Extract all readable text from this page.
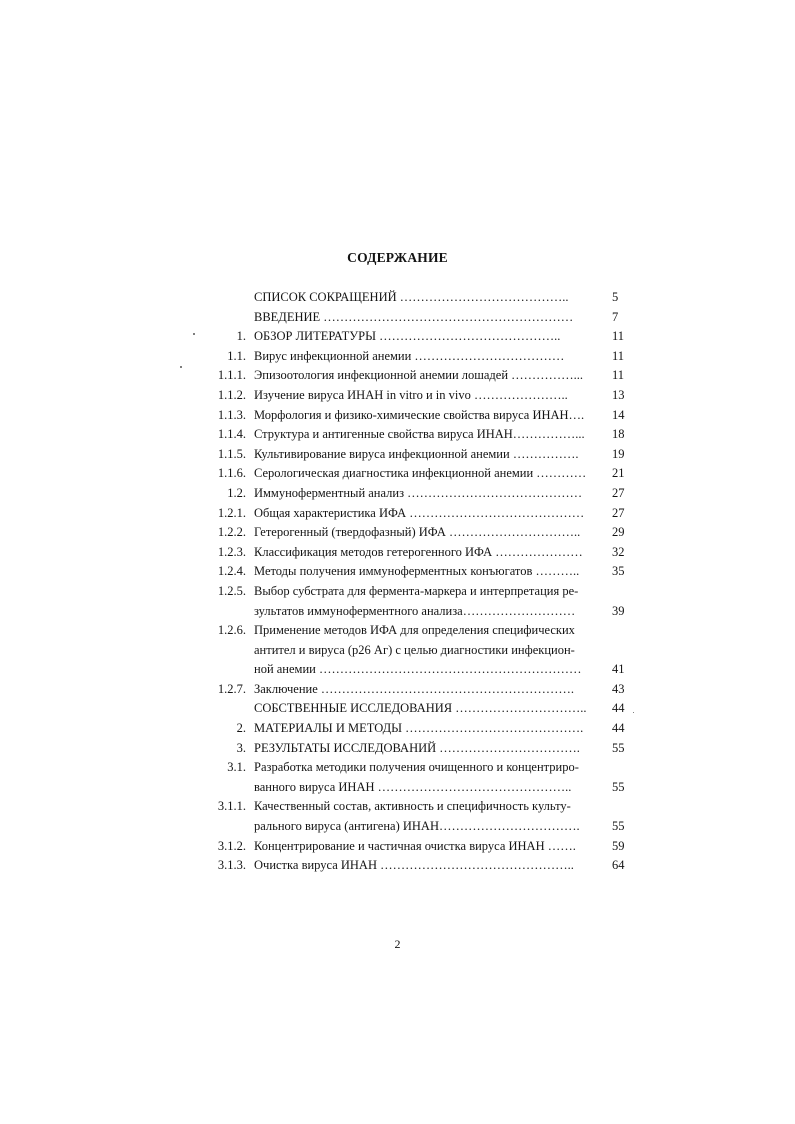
СОДЕРЖАНИЕ
СПИСОК СОКРАЩЕНИЙ …………………………………..	5
ВВЕДЕНИЕ ……………………………………………………	7
1. ОБЗОР ЛИТЕРАТУРЫ ……………………………………..	11
1.1. Вирус инфекционной анемии ………………………………	11
1.1.1. Эпизоотология инфекционной анемии лошадей ……………...	11
1.1.2. Изучение вируса ИНАН in vitro и in vivo …………………..	13
1.1.3. Морфология и физико-химические свойства вируса ИНАН….	14
1.1.4. Структура и антигенные свойства вируса ИНАН……………...	18
1.1.5. Культивирование вируса инфекционной анемии …………….	19
1.1.6. Серологическая диагностика инфекционной анемии …………	21
1.2. Иммуноферментный анализ ……………………………………	27
1.2.1. Общая характеристика ИФА ……………………………………	27
1.2.2. Гетерогенный (твердофазный) ИФА …………………………..	29
1.2.3. Классификация методов гетерогенного ИФА …………………	32
1.2.4. Методы получения иммуноферментных конъюгатов ………..	35
1.2.5. Выбор субстрата для фермента-маркера и интерпретация ре-
зультатов иммуноферментного анализа………………………	39
1.2.6. Применение методов ИФА для определения специфических
антител и вируса (p26 Аг) с целью диагностики инфекцион-
ной анемии ………………………………………………………	41
1.2.7. Заключение …………………………………………………….	43
СОБСТВЕННЫЕ ИССЛЕДОВАНИЯ …………………………..	44
2. МАТЕРИАЛЫ И МЕТОДЫ …………………………………….	44
3. РЕЗУЛЬТАТЫ ИССЛЕДОВАНИЙ …………………………….	55
3.1. Разработка методики получения очищенного и концентриро-
ванного вируса ИНАН ………………………………………..	55
3.1.1. Качественный состав, активность и специфичность культу-
рального вируса (антигена) ИНАН…………………………….	55
3.1.2. Концентрирование и частичная очистка вируса ИНАН …….	59
3.1.3. Очистка вируса ИНАН ………………………………………..	64
2
